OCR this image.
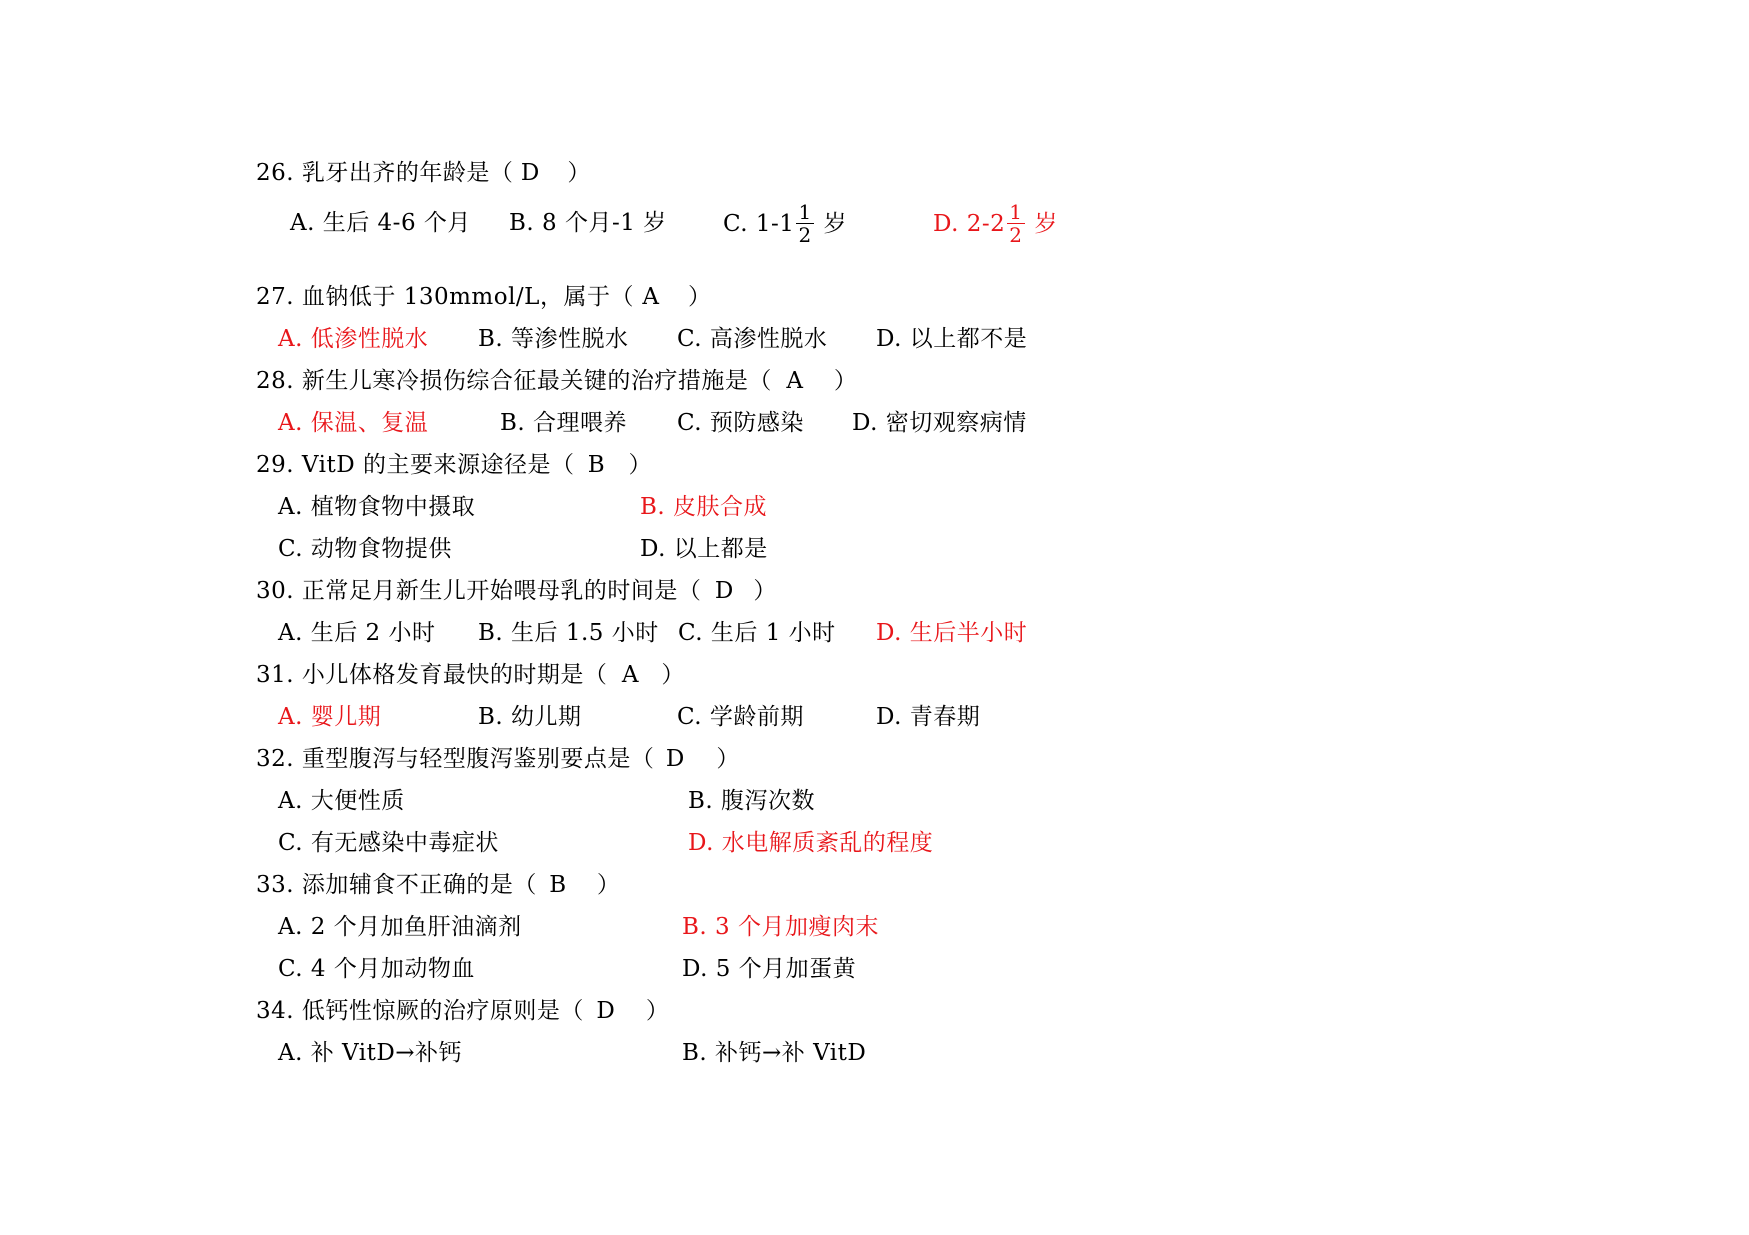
26. 乳牙出齐的年龄是（ D ）
A. 生后 4-6 个月 B. 8 个月-1 岁 C. $1-1 \frac{1}{2}$ 岁	D. $2-2 \frac{1}{2}$ 岁
27. 血钠低于 130mmol/L，属于（ A ）
A. 低渗性脱水 B. 等渗性脱水 C. 高渗性脱水 D. 以上都不是
28. 新生儿寒冷损伤综合征最关键的治疗措施是（ A ）
A. 保温、复温	B. 合理喂养 C. 预防感染 D. 密切观察病情
29. VitD 的主要来源途径是（ B ）
A. 植物食物中摄取	B. 皮肤合成
C. 动物食物提供	D. 以上都是
30. 正常足月新生儿开始喂母乳的时间是（ D ）
A. 生后 2 小时 B. 生后 1.5 小时 C. 生后 1 小时 D. 生后半小时
31. 小儿体格发育最快的时期是（ A ）
A. 婴儿期	B. 幼儿期	C. 学龄前期	D. 青春期
32. 重型腹泻与轻型腹泻鉴别要点是（ D ）
A. 大便性质	B. 腹泻次数
C. 有无感染中毒症状	D. 水电解质紊乱的程度
33. 添加辅食不正确的是（ B ）
A. 2 个月加鱼肝油滴剂	B. 3 个月加瘦肉末
C. 4 个月加动物血	D. 5 个月加蛋黄
34. 低钙性惊厥的治疗原则是（ D ）
A. 补 VitD→补钙	B. 补钙→补 VitD
